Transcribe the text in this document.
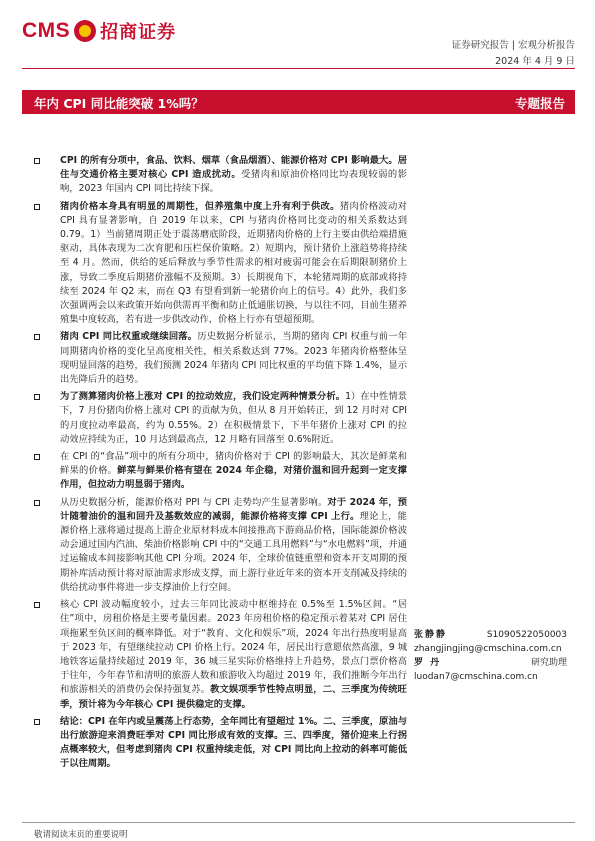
CMS 招商证券
证券研究报告 | 宏观分析报告
2024 年 4 月 9 日
年内 CPI 同比能突破 1%吗？	专题报告
CPI 的所有分项中，食品、饮料、烟草（食品烟酒）、能源价格对 CPI 影响最大。居住与交通价格主要对核心 CPI 造成扰动。受猪肉和原油价格同比均表现较弱的影响，2023 年国内 CPI 同比持续下探。
猪肉价格本身具有明显的周期性，但养殖集中度上升有利于供改。猪肉价格波动对 CPI 具有显著影响，自 2019 年以来，CPI 与猪肉价格同比变动的相关系数达到 0.79。1）当前猪周期正处于震荡磨底阶段，近期猪肉价格的上行主要由供给端措施驱动，具体表现为二次育肥和压栏保价策略。2）短期内，预计猪价上涨趋势将持续至 4 月。然而，供给的延后释放与季节性需求的相对疲弱可能会在后期限制猪价上涨，导致二季度后期猪价涨幅不及预期。3）长期视角下，本轮猪周期的底部或将持续至 2024 年 Q2 末，而在 Q3 有望看到新一轮猪价向上的信号。4）此外，我们多次强调两会以来政策开始向供需再平衡和防止低通胀切换，与以往不同，目前生猪养殖集中度较高，若有进一步供改动作，价格上行亦有望超预期。
猪肉 CPI 同比权重或继续回落。历史数据分析显示，当期的猪肉 CPI 权重与前一年同期猪肉价格的变化呈高度相关性，相关系数达到 77%。2023 年猪肉价格整体呈现明显回落的趋势，我们预测 2024 年猪肉 CPI 同比权重的平均值下降 1.4%，显示出先降后升的趋势。
为了测算猪肉价格上涨对 CPI 的拉动效应，我们设定两种情景分析。1）在中性情景下，7 月份猪肉价格上涨对 CPI 的贡献为负，但从 8 月开始转正，到 12 月时对 CPI 的月度拉动率最高，约为 0.55%。2）在积极情景下，下半年猪价上涨对 CPI 的拉动效应持续为正，10 月达到最高点，12 月略有回落至 0.6%附近。
在 CPI 的“食品”项中的所有分项中，猪肉价格对于 CPI 的影响最大，其次是鲜菜和鲜果的价格。鲜菜与鲜果价格有望在 2024 年企稳，对猪价温和回升起到一定支撑作用，但拉动力明显弱于猪肉。
从历史数据分析，能源价格对 PPI 与 CPI 走势均产生显著影响。对于 2024 年，预计随着油价的温和回升及基数效应的减弱，能源价格将支撑 CPI 上行。理论上，能源价格上涨将通过提高上游企业原材料成本间接推高下游商品价格，国际能源价格波动会通过国内汽油、柴油价格影响 CPI 中的“交通工具用燃料”与“水电燃料”项，并通过运输成本间接影响其他 CPI 分项。2024 年，全球价值链重塑和资本开支周期的预期补库活动预计将对原油需求形成支撑，而上游行业近年来的资本开支削减及持续的供给扰动事件将进一步支撑油价上行空间。
核心 CPI 波动幅度较小，过去三年同比波动中枢维持在 0.5%至 1.5%区间。“居住”项中，房租价格是主要考量因素。2023 年房租价格的稳定预示着某对 CPI 居住项拖累至负区间的概率降低。对于“教育、文化和娱乐”项，2024 年出行热度明显高于 2023 年，有望继续拉动 CPI 价格上行。2024 年，居民出行意愿依然高涨，9 城地铁客运量持续超过 2019 年，36 城三星实际价格维持上升趋势，景点门票价格高于往年，今年春节和清明的旅游人数和旅游收入均超过 2019 年，我们推断今年出行和旅游相关的消费仍会保持强复苏。教文娱项季节性特点明显，二、三季度为传统旺季，预计将为今年核心 CPI 提供稳定的支撑。
结论：CPI 在年内或呈震荡上行态势，全年同比有望超过 1%。二、三季度，原油与出行旅游迎来消费旺季对 CPI 同比形成有效的支撑。三、四季度，猪价迎来上行拐点概率较大，但考虑到猪肉 CPI 权重持续走低，对 CPI 同比向上拉动的斜率可能低于以往周期。
张静静	S1090522050003
zhangjingjing@cmschina.com.cn
罗 丹	研究助理
luodan7@cmschina.com.cn
敬请阅读末页的重要说明
